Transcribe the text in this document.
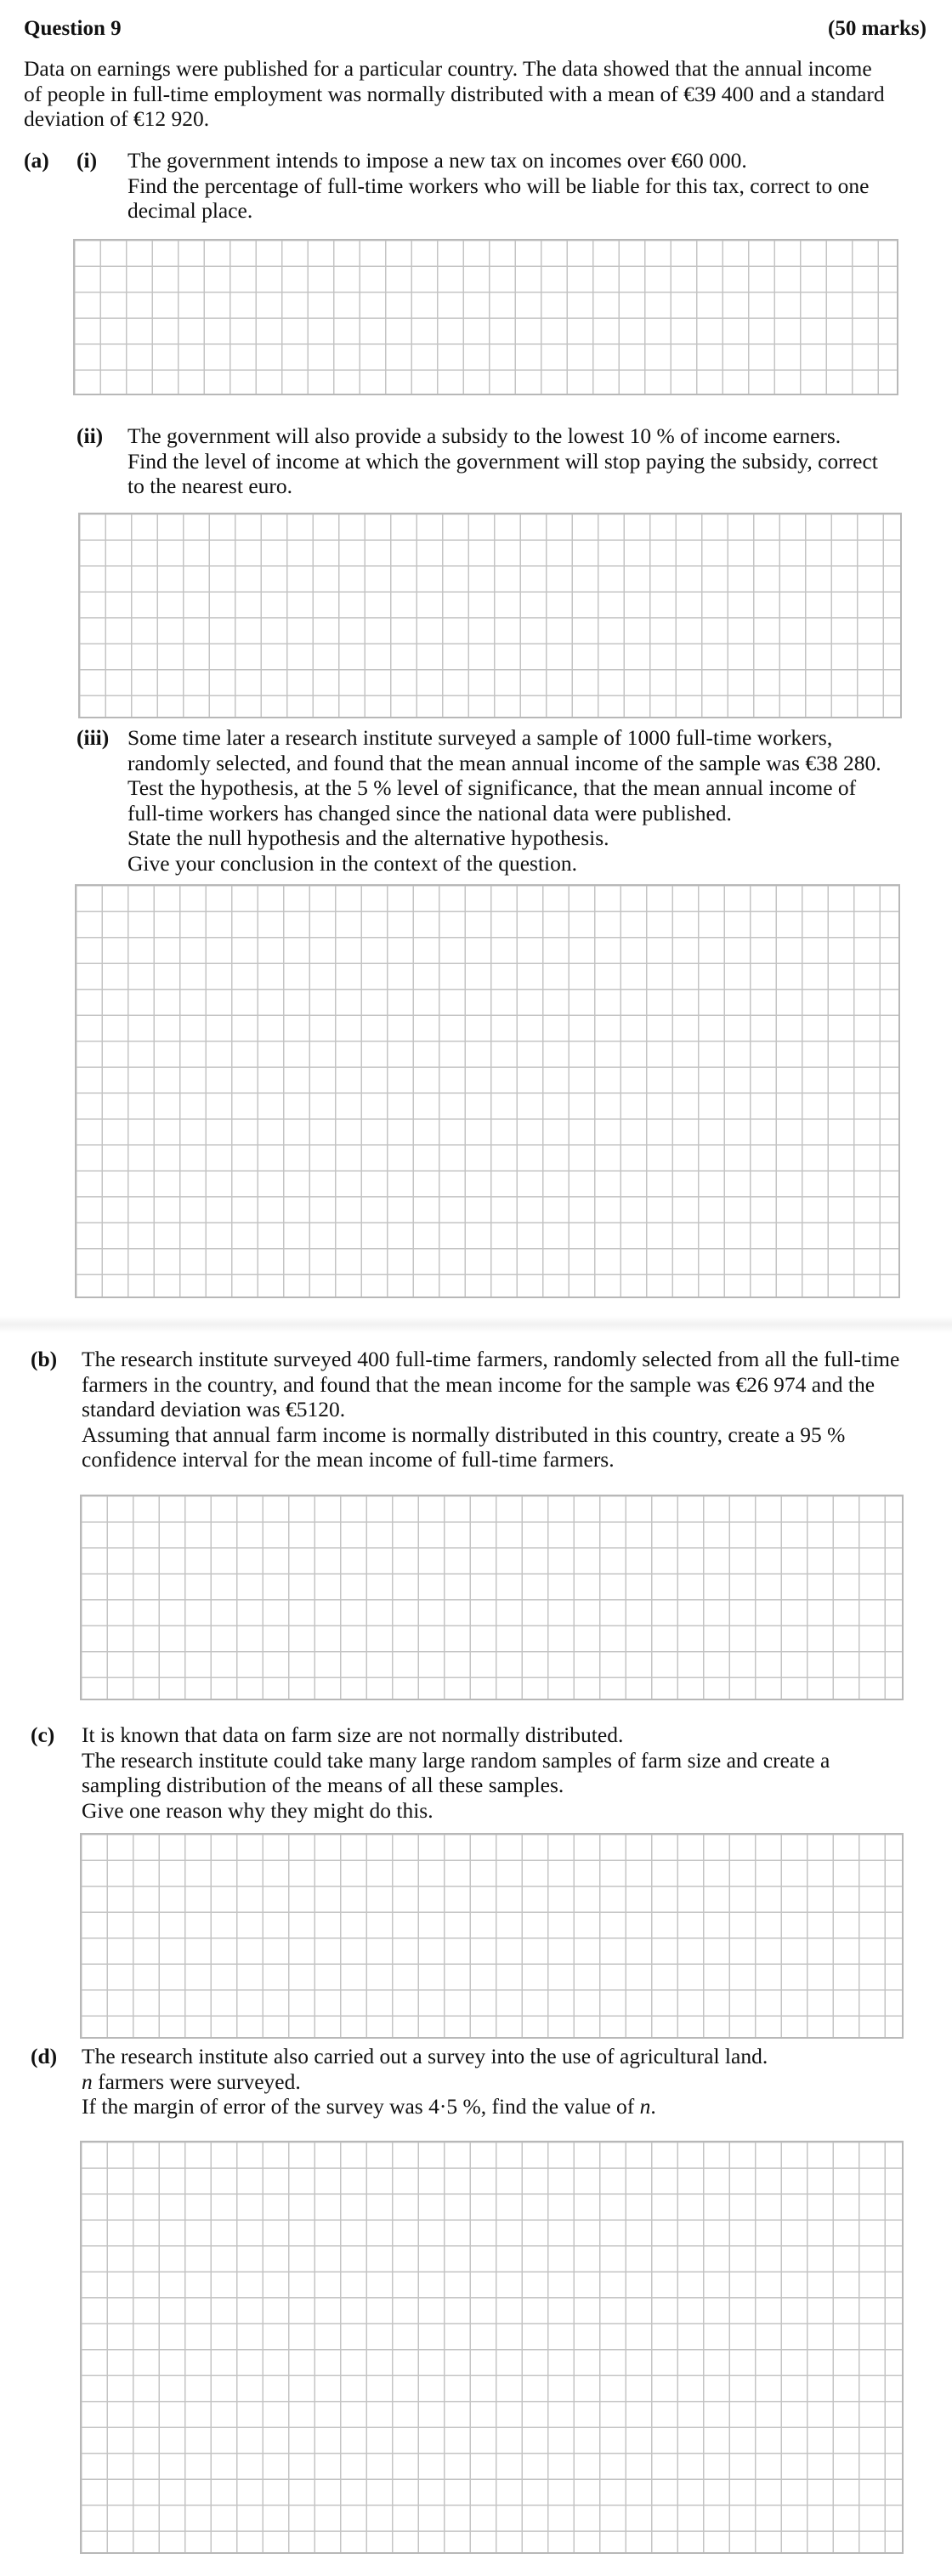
Question 9	(50 marks)
Data on earnings were published for a particular country. The data showed that the annual income
of people in full-time employment was normally distributed with a mean of €39 400 and a standard
deviation of €12 920.
(a) (i) The government intends to impose a new tax on incomes over €60 000.
Find the percentage of full-time workers who will be liable for this tax, correct to one
decimal place.
(ii) The government will also provide a subsidy to the lowest 10 % of income earners.
Find the level of income at which the government will stop paying the subsidy, correct
to the nearest euro.
(iii) Some time later a research institute surveyed a sample of 1000 full-time workers,
randomly selected, and found that the mean annual income of the sample was €38 280.
Test the hypothesis, at the 5 % level of significance, that the mean annual income of
full-time workers has changed since the national data were published.
State the null hypothesis and the alternative hypothesis.
Give your conclusion in the context of the question.
(b) The research institute surveyed 400 full-time farmers, randomly selected from all the full-time
farmers in the country, and found that the mean income for the sample was €26 974 and the
standard deviation was €5120.
Assuming that annual farm income is normally distributed in this country, create a 95 %
confidence interval for the mean income of full-time farmers.
(c) It is known that data on farm size are not normally distributed.
The research institute could take many large random samples of farm size and create a
sampling distribution of the means of all these samples.
Give one reason why they might do this.
(d) The research institute also carried out a survey into the use of agricultural land.
n farmers were surveyed.
If the margin of error of the survey was 4·5 %, find the value of n.
